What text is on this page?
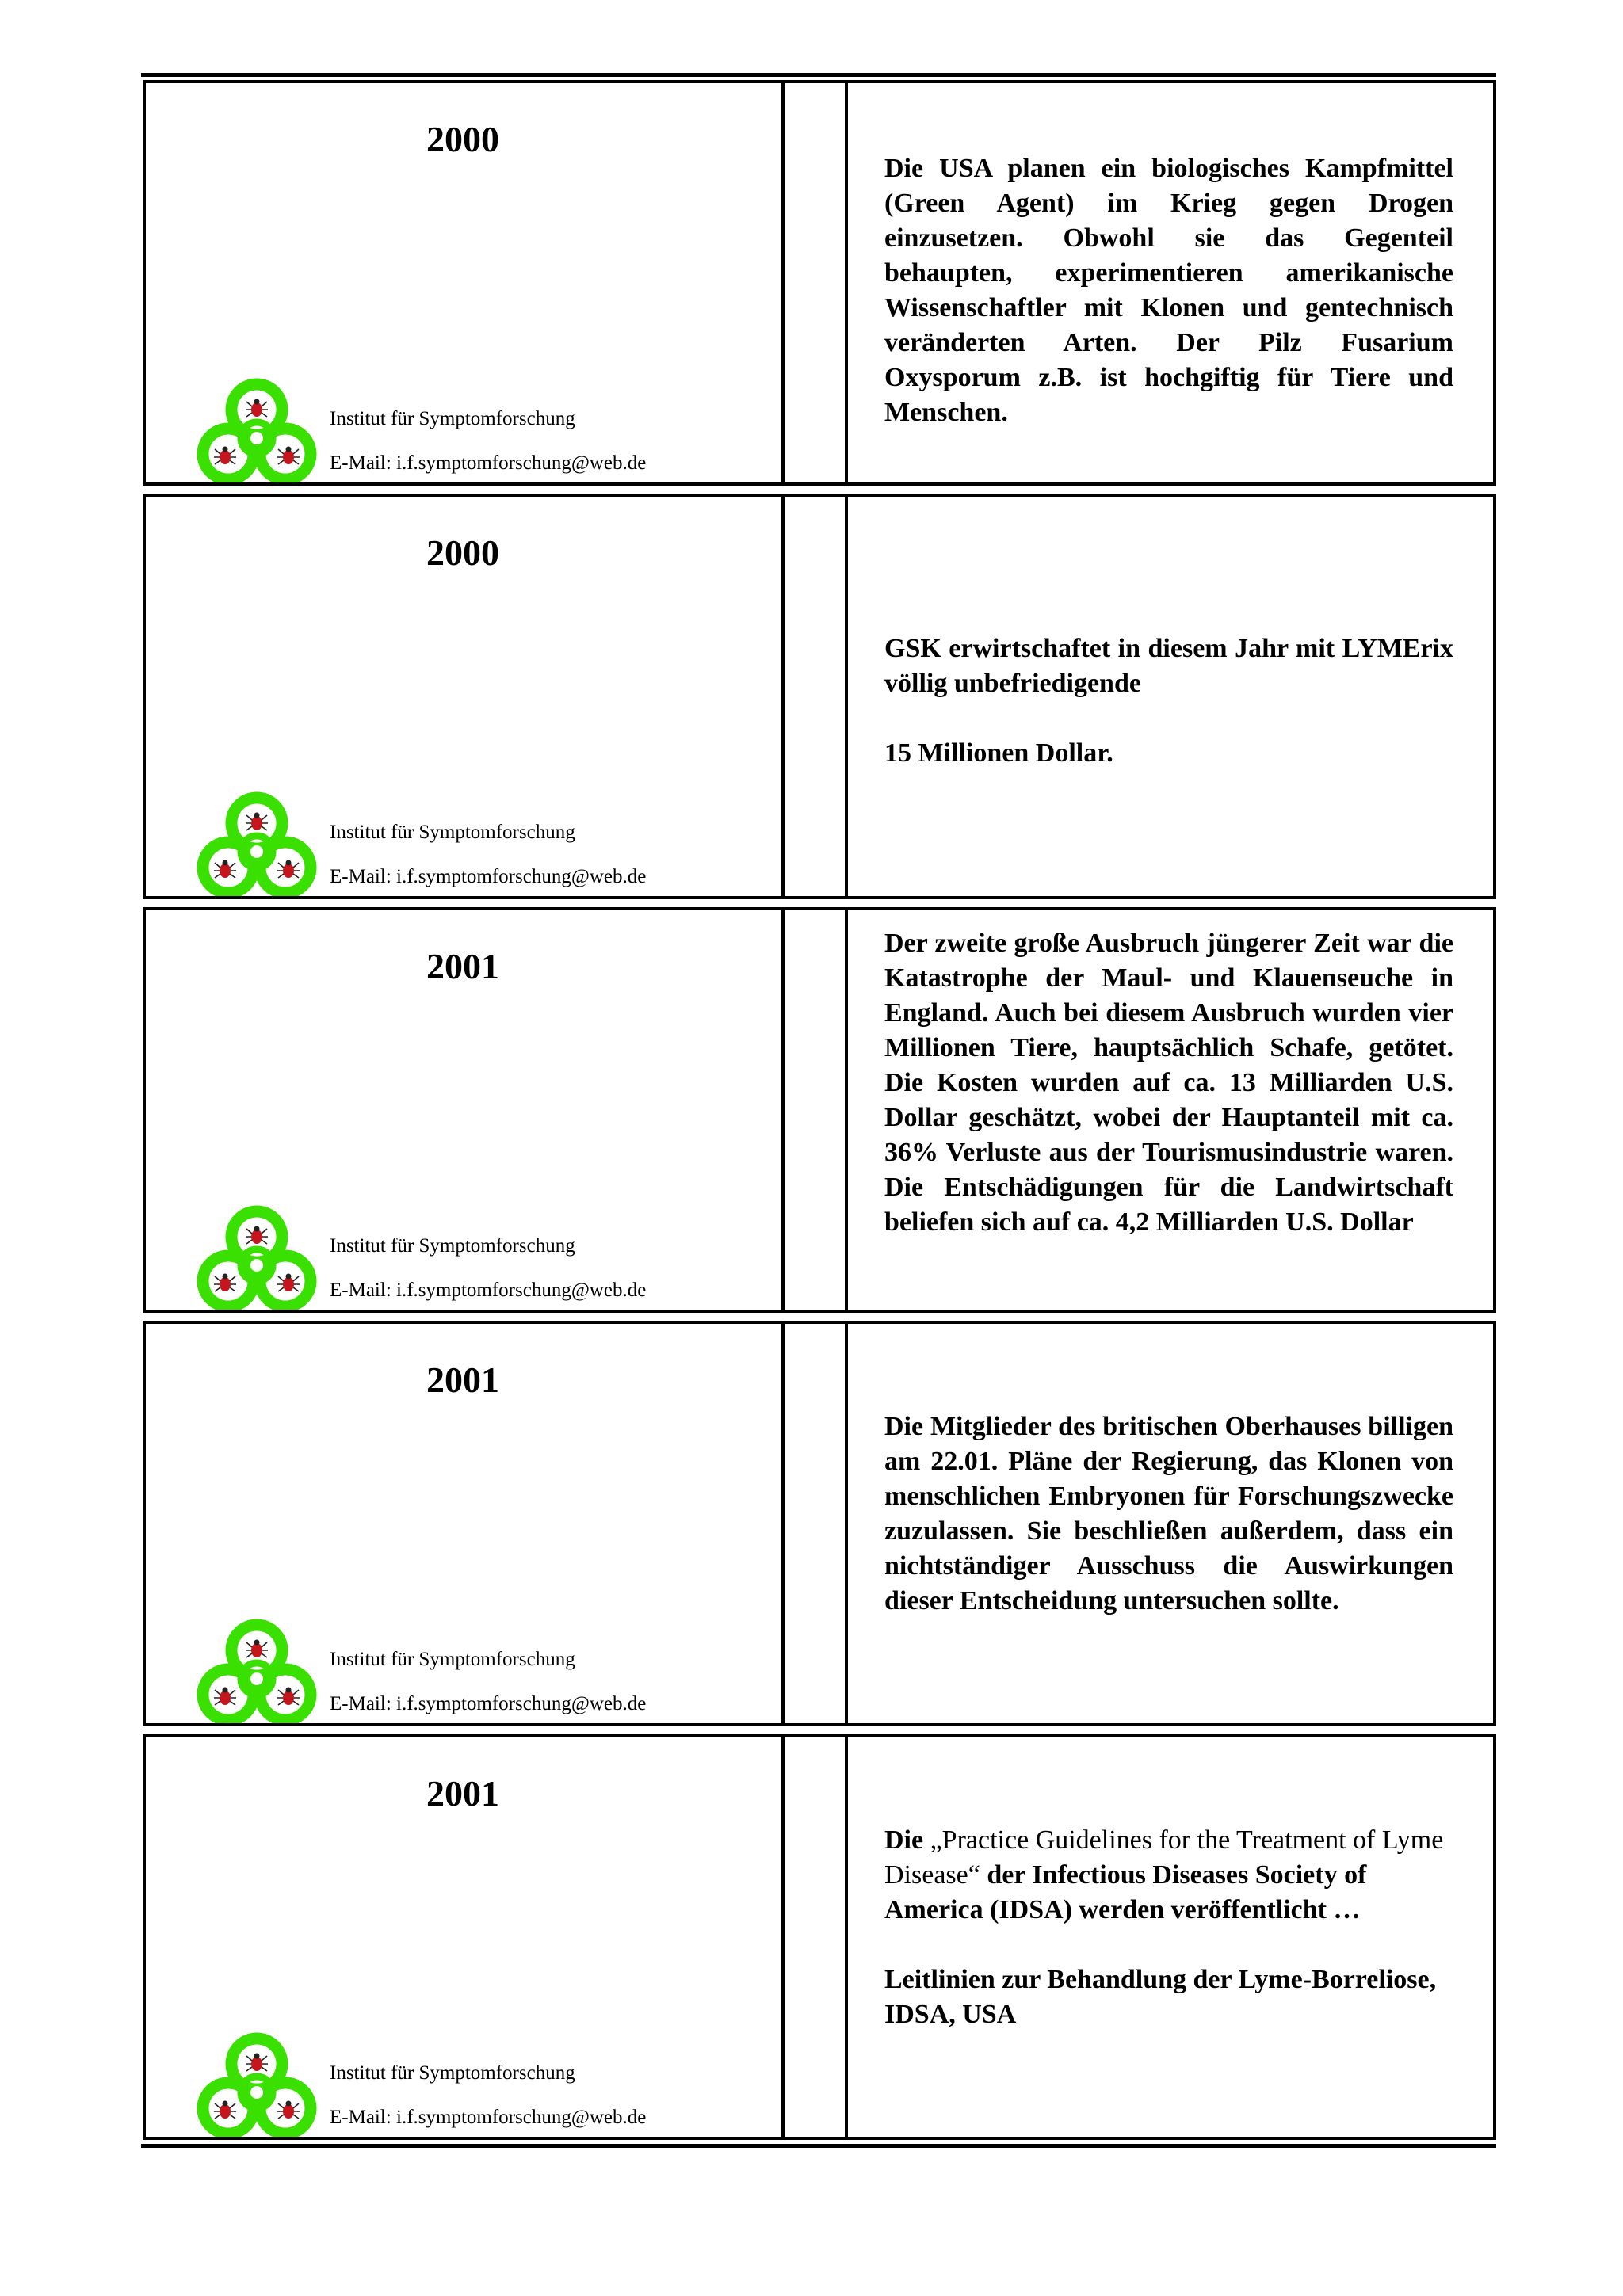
2000
Institut für Symptomforschung
E-Mail: i.f.symptomforschung@web.de

Die USA planen ein biologisches Kampfmittel (Green Agent) im Krieg gegen Drogen einzusetzen. Obwohl sie das Gegenteil behaupten, experimentieren amerikanische Wissenschaftler mit Klonen und gentechnisch veränderten Arten. Der Pilz Fusarium Oxysporum z.B. ist hochgiftig für Tiere und Menschen.

2000
Institut für Symptomforschung
E-Mail: i.f.symptomforschung@web.de

GSK erwirtschaftet in diesem Jahr mit LYMErix völlig unbefriedigende

15 Millionen Dollar.

2001
Institut für Symptomforschung
E-Mail: i.f.symptomforschung@web.de

Der zweite große Ausbruch jüngerer Zeit war die Katastrophe der Maul- und Klauenseuche in England. Auch bei diesem Ausbruch wurden vier Millionen Tiere, hauptsächlich Schafe, getötet. Die Kosten wurden auf ca. 13 Milliarden U.S. Dollar geschätzt, wobei der Hauptanteil mit ca. 36% Verluste aus der Tourismusindustrie waren. Die Entschädigungen für die Landwirtschaft beliefen sich auf ca. 4,2 Milliarden U.S. Dollar

2001
Institut für Symptomforschung
E-Mail: i.f.symptomforschung@web.de

Die Mitglieder des britischen Oberhauses billigen am 22.01. Pläne der Regierung, das Klonen von menschlichen Embryonen für Forschungszwecke zuzulassen. Sie beschließen außerdem, dass ein nichtständiger Ausschuss die Auswirkungen dieser Entscheidung untersuchen sollte.

2001
Institut für Symptomforschung
E-Mail: i.f.symptomforschung@web.de

Die „Practice Guidelines for the Treatment of Lyme Disease“ der Infectious Diseases Society of America (IDSA) werden veröffentlicht …

Leitlinien zur Behandlung der Lyme-Borreliose, IDSA, USA
